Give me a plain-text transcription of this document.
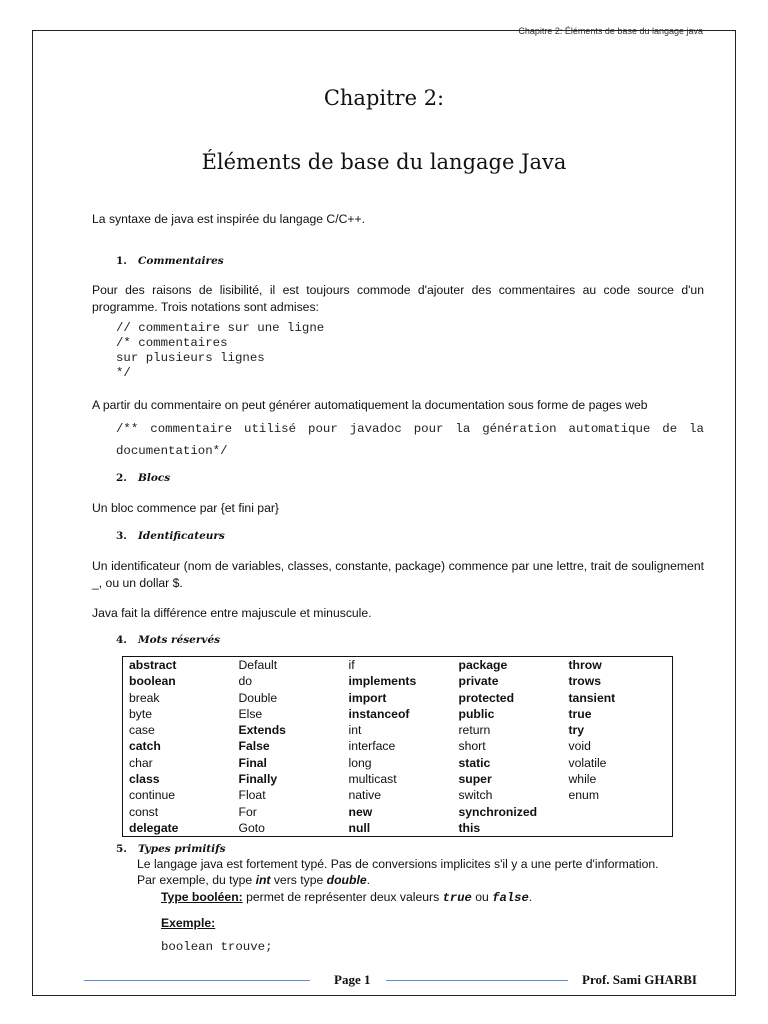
Chapitre 2: Éléments de base du langage java
Chapitre 2:
Éléments de base du langage Java
La syntaxe de java est inspirée du langage C/C++.
1. Commentaires
Pour des raisons de lisibilité, il est toujours commode d'ajouter des commentaires au code source d'un programme. Trois notations sont admises:
// commentaire sur une ligne
/* commentaires
sur plusieurs lignes
*/
A partir du commentaire on peut générer automatiquement la documentation sous forme de pages web
/** commentaire utilisé pour javadoc pour la génération automatique de la documentation*/
2. Blocs
Un bloc commence par {et fini par}
3. Identificateurs
Un identificateur (nom de variables, classes, constante, package) commence par une lettre, trait de soulignement _, ou un dollar $.
Java fait la différence entre majuscule et minuscule.
4. Mots réservés
abstract	Default	if	package	throw
boolean	do	implements	private	trows
break	Double	import	protected	tansient
byte	Else	instanceof	public	true
case	Extends	int	return	try
catch	False	interface	short	void
char	Final	long	static	volatile
class	Finally	multicast	super	while
continue	Float	native	switch	enum
const	For	new	synchronized	
delegate	Goto	null	this	
5. Types primitifs
Le langage java est fortement typé. Pas de conversions implicites s'il y a une perte d'information.
Par exemple, du type int vers type double.
Type booléen: permet de représenter deux valeurs true ou false.
Exemple:
boolean trouve;
Page 1	Prof. Sami GHARBI
